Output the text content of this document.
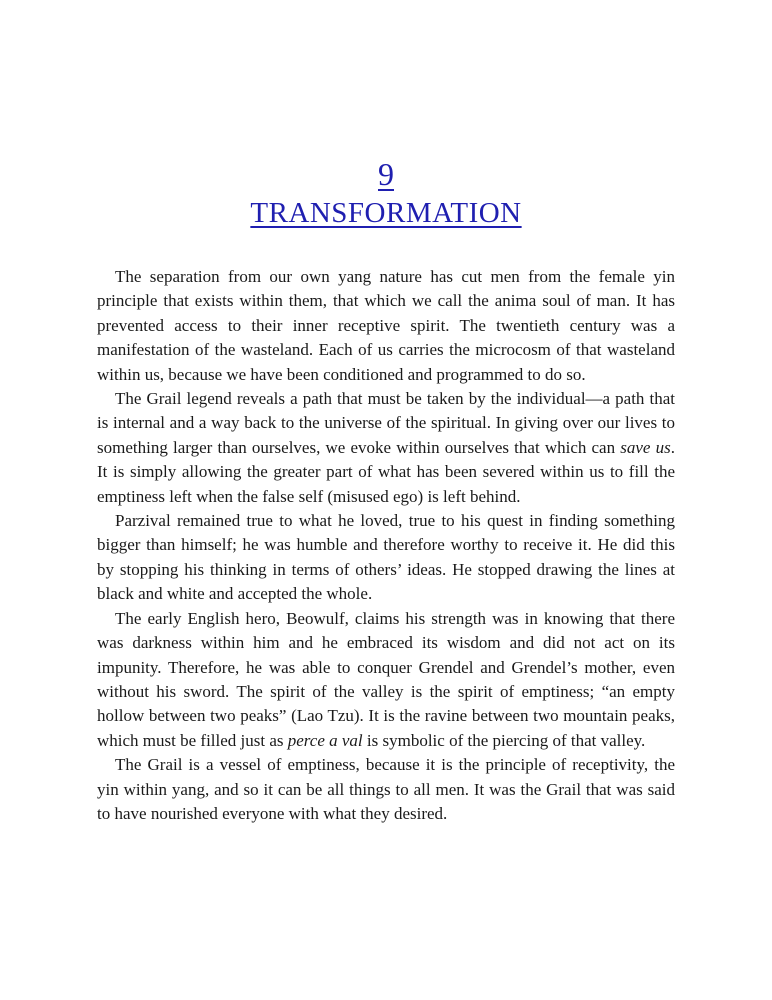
9
TRANSFORMATION

The separation from our own yang nature has cut men from the female yin principle that exists within them, that which we call the anima soul of man. It has prevented access to their inner receptive spirit. The twentieth century was a manifestation of the wasteland. Each of us carries the microcosm of that wasteland within us, because we have been conditioned and programmed to do so.

The Grail legend reveals a path that must be taken by the individual—a path that is internal and a way back to the universe of the spiritual. In giving over our lives to something larger than ourselves, we evoke within ourselves that which can save us. It is simply allowing the greater part of what has been severed within us to fill the emptiness left when the false self (misused ego) is left behind.

Parzival remained true to what he loved, true to his quest in finding something bigger than himself; he was humble and therefore worthy to receive it. He did this by stopping his thinking in terms of others’ ideas. He stopped drawing the lines at black and white and accepted the whole.

The early English hero, Beowulf, claims his strength was in knowing that there was darkness within him and he embraced its wisdom and did not act on its impunity. Therefore, he was able to conquer Grendel and Grendel’s mother, even without his sword. The spirit of the valley is the spirit of emptiness; “an empty hollow between two peaks” (Lao Tzu). It is the ravine between two mountain peaks, which must be filled just as perce a val is symbolic of the piercing of that valley.

The Grail is a vessel of emptiness, because it is the principle of receptivity, the yin within yang, and so it can be all things to all men. It was the Grail that was said to have nourished everyone with what they desired.
